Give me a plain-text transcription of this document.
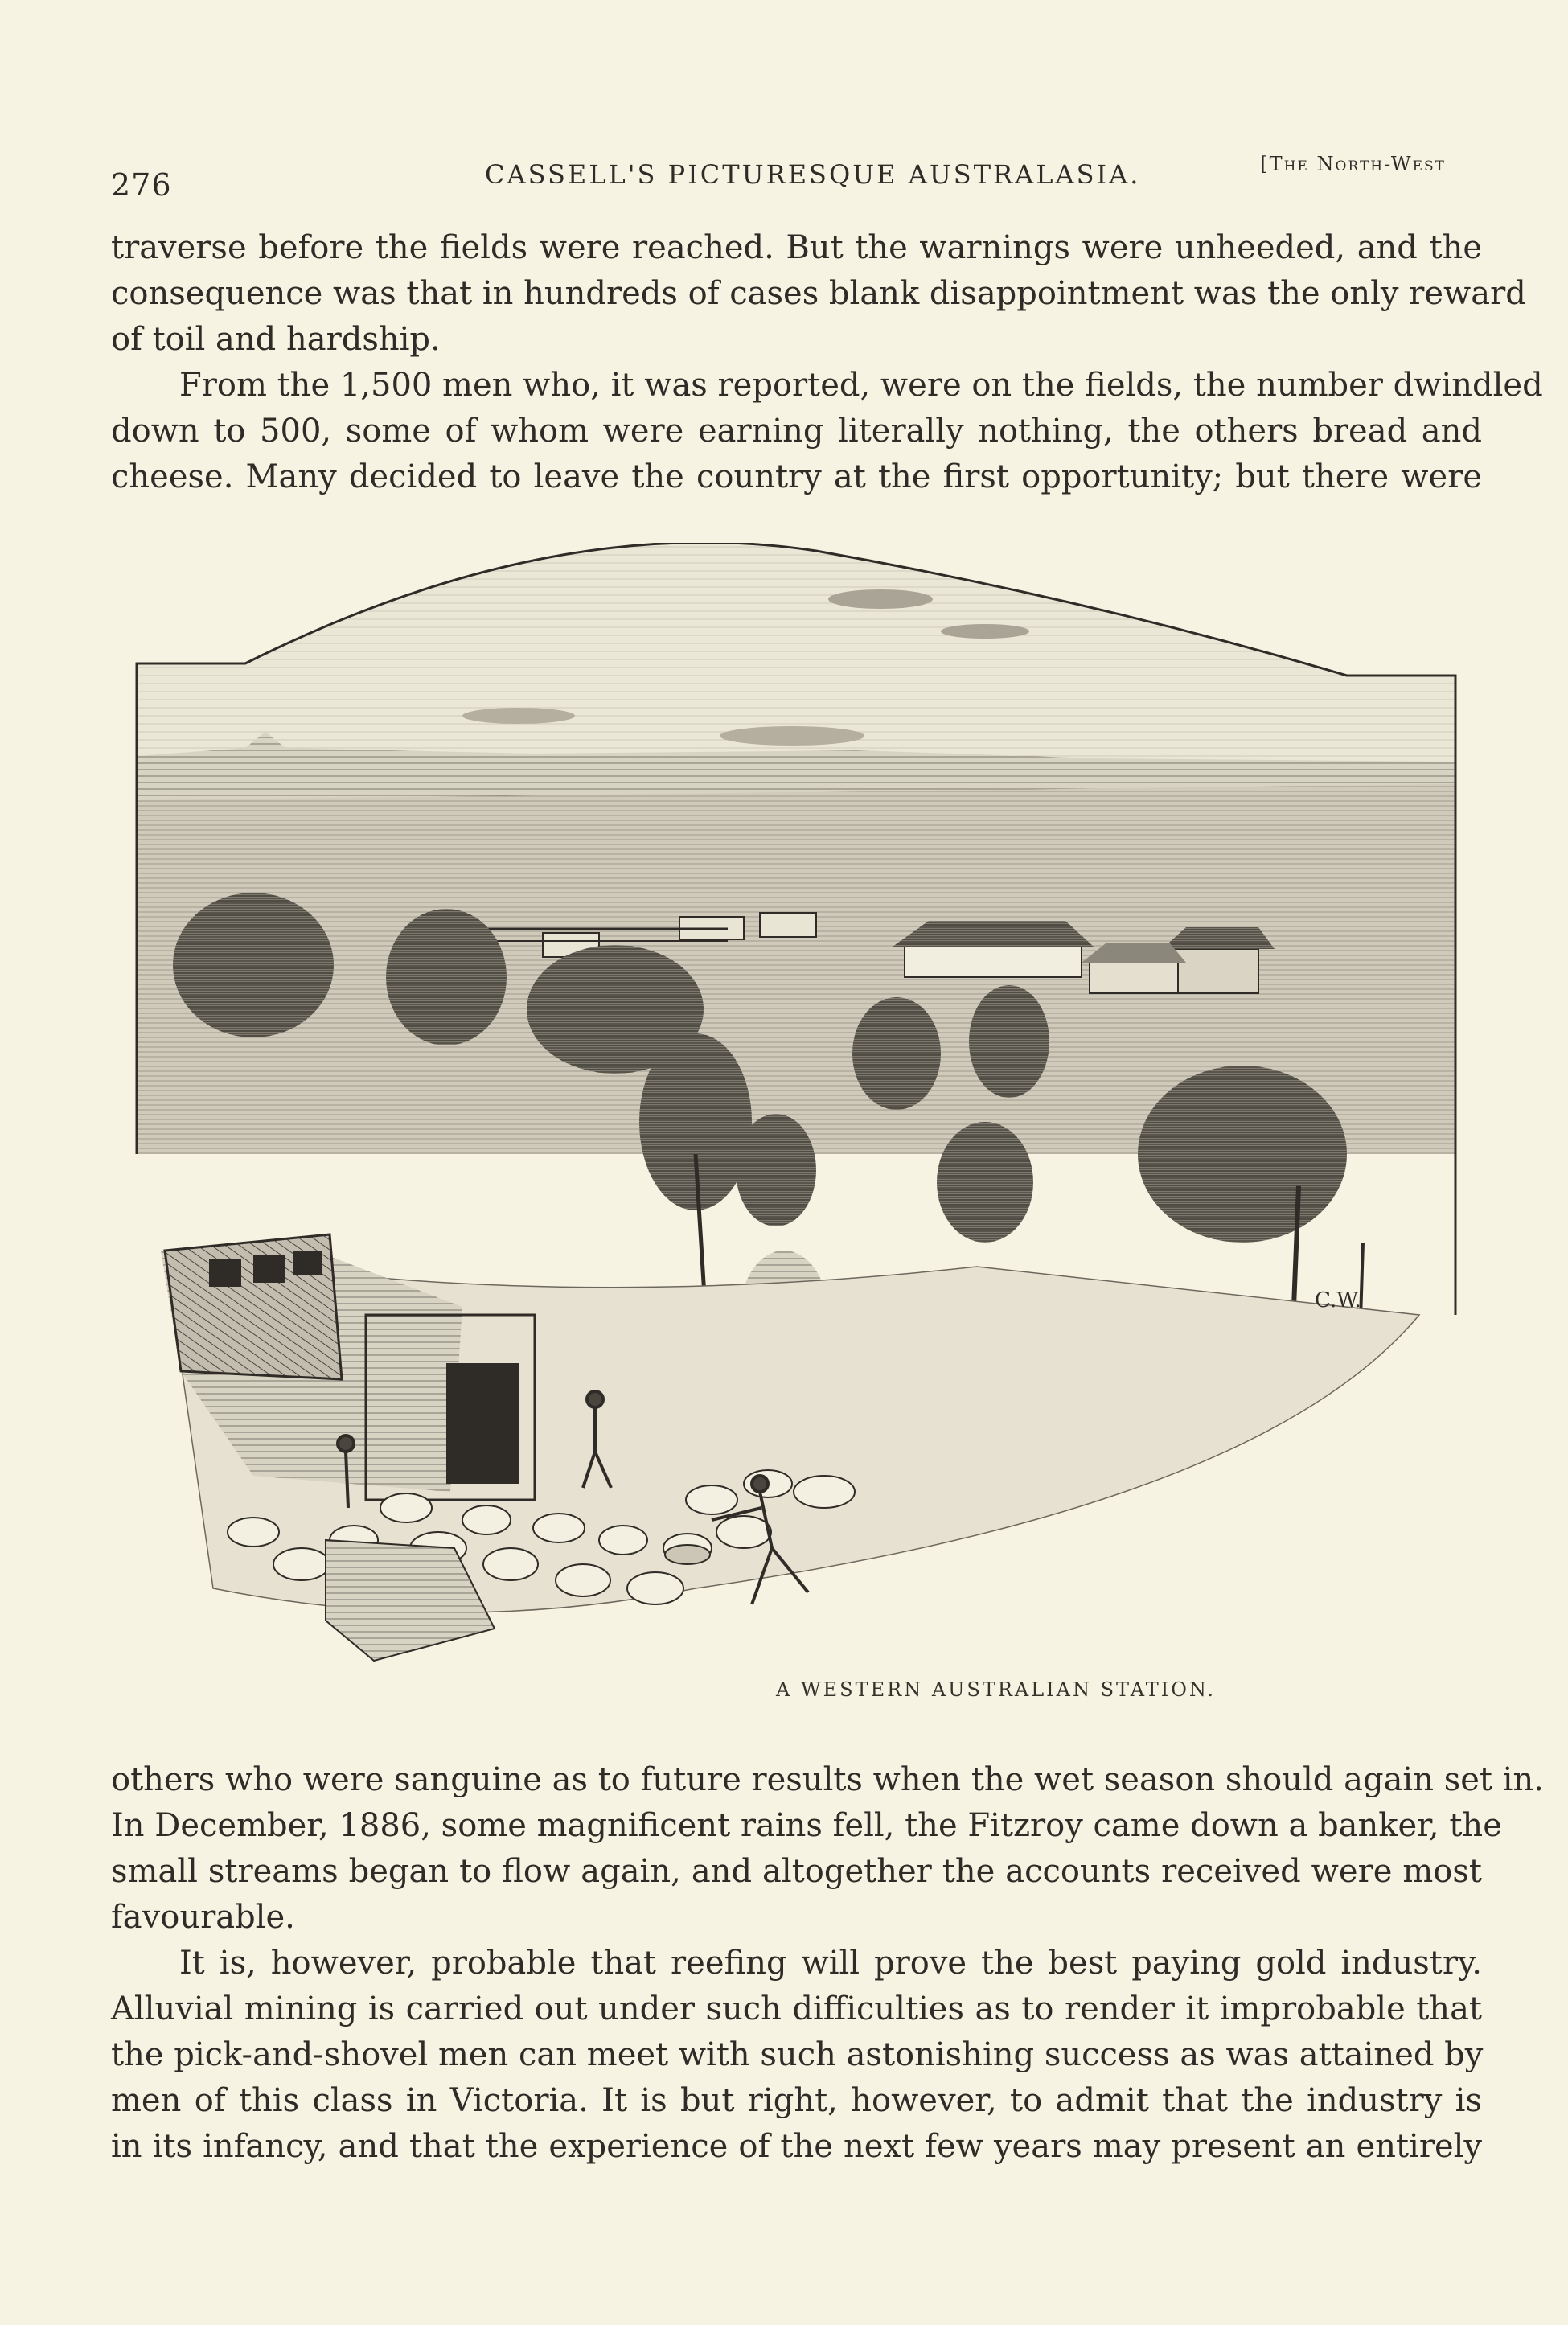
276	CASSELL'S PICTURESQUE AUSTRALASIA.	[The North-West

traverse before the fields were reached. But the warnings were unheeded, and the
consequence was that in hundreds of cases blank disappointment was the only reward
of toil and hardship.

From the 1,500 men who, it was reported, were on the fields, the number dwindled
down to 500, some of whom were earning literally nothing, the others bread and
cheese. Many decided to leave the country at the first opportunity; but there were

C.W.
A WESTERN AUSTRALIAN STATION.

others who were sanguine as to future results when the wet season should again set in.
In December, 1886, some magnificent rains fell, the Fitzroy came down a banker, the
small streams began to flow again, and altogether the accounts received were most
favourable.

It is, however, probable that reefing will prove the best paying gold industry.
Alluvial mining is carried out under such difficulties as to render it improbable that
the pick-and-shovel men can meet with such astonishing success as was attained by
men of this class in Victoria. It is but right, however, to admit that the industry is
in its infancy, and that the experience of the next few years may present an entirely
